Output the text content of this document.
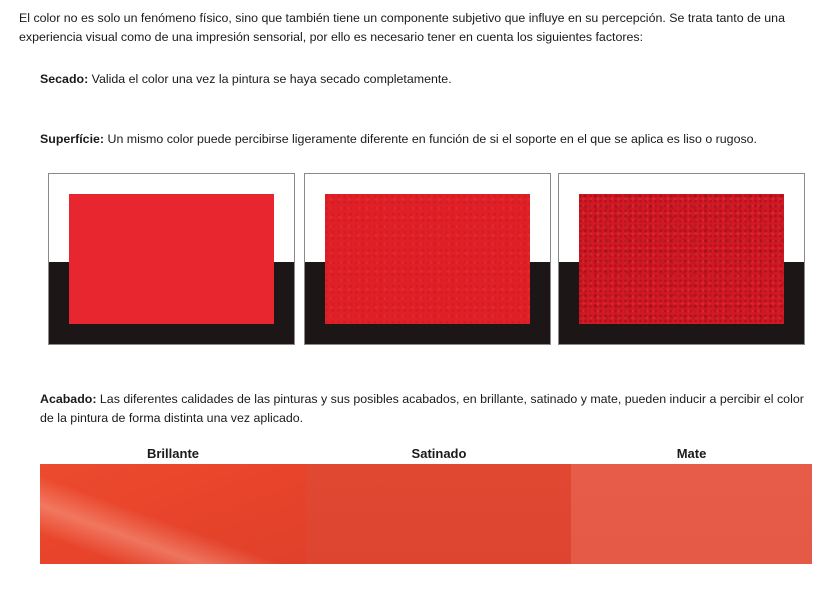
El color no es solo un fenómeno físico, sino que también tiene un componente subjetivo que influye en su percepción. Se trata tanto de una experiencia visual como de una impresión sensorial, por ello es necesario tener en cuenta los siguientes factores:

Secado: Valida el color una vez la pintura se haya secado completamente.

Superfície: Un mismo color puede percibirse ligeramente diferente en función de si el soporte en el que se aplica es liso o rugoso.

Acabado: Las diferentes calidades de las pinturas y sus posibles acabados, en brillante, satinado y mate, pueden inducir a percibir el color de la pintura de forma distinta una vez aplicado.

Brillante	Satinado	Mate
